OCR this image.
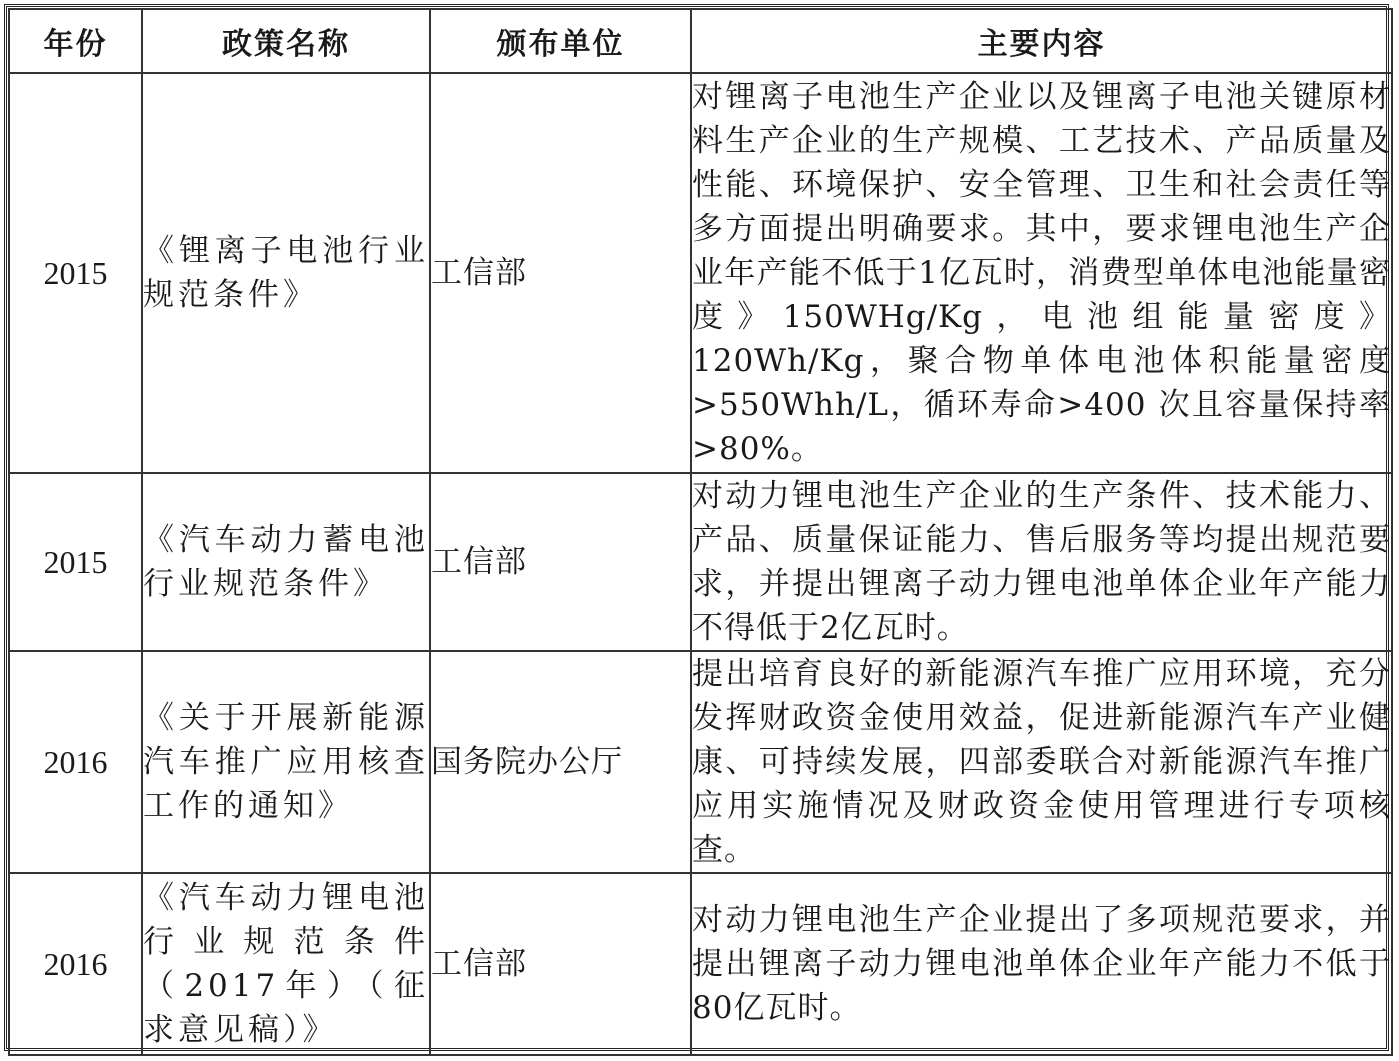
年份	政策名称	颁布单位	主要内容
2015	《锂离子电池行业规范条件》	工信部	对锂离子电池生产企业以及锂离子电池关键原材料生产企业的生产规模、工艺技术、产品质量及性能、环境保护、安全管理、卫生和社会责任等多方面提出明确要求。其中，要求锂电池生产企业年产能不低于1亿瓦时，消费型单体电池能量密度》150WHg/Kg，电池组能量密度》120Wh/Kg，聚合物单体电池体积能量密度>550Whh/L，循环寿命>400 次且容量保持率>80%。
2015	《汽车动力蓄电池行业规范条件》	工信部	对动力锂电池生产企业的生产条件、技术能力、产品、质量保证能力、售后服务等均提出规范要求，并提出锂离子动力锂电池单体企业年产能力不得低于2亿瓦时。
2016	《关于开展新能源汽车推广应用核查工作的通知》	国务院办公厅	提出培育良好的新能源汽车推广应用环境，充分发挥财政资金使用效益，促进新能源汽车产业健康、可持续发展，四部委联合对新能源汽车推广应用实施情况及财政资金使用管理进行专项核查。
2016	《汽车动力锂电池行业规范条件（2017年）（征求意见稿）》	工信部	对动力锂电池生产企业提出了多项规范要求，并提出锂离子动力锂电池单体企业年产能力不低于80亿瓦时。
